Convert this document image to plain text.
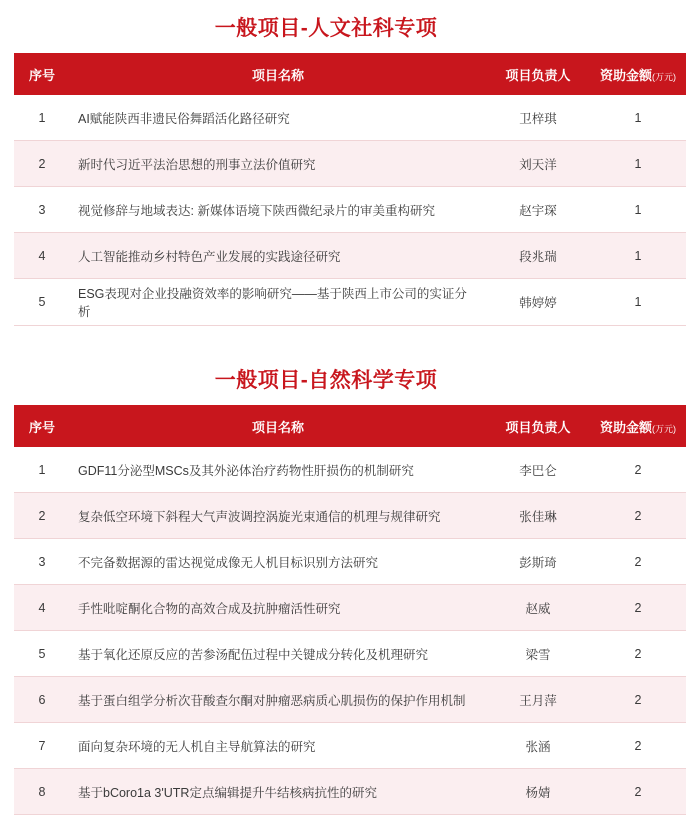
一般项目-人文社科专项
序号	项目名称	项目负责人	资助金额(万元)
1	AI赋能陕西非遗民俗舞蹈活化路径研究	卫梓琪	1
2	新时代习近平法治思想的刑事立法价值研究	刘天洋	1
3	视觉修辞与地域表达: 新媒体语境下陕西微纪录片的审美重构研究	赵宇琛	1
4	人工智能推动乡村特色产业发展的实践途径研究	段兆瑞	1
5	ESG表现对企业投融资效率的影响研究——基于陕西上市公司的实证分析	韩婷婷	1
一般项目-自然科学专项
序号	项目名称	项目负责人	资助金额(万元)
1	GDF11分泌型MSCs及其外泌体治疗药物性肝损伤的机制研究	李巴仑	2
2	复杂低空环境下斜程大气声波调控涡旋光束通信的机理与规律研究	张佳琳	2
3	不完备数据源的雷达视觉成像无人机目标识别方法研究	彭斯琦	2
4	手性吡啶酮化合物的高效合成及抗肿瘤活性研究	赵威	2
5	基于氧化还原反应的苦参汤配伍过程中关键成分转化及机理研究	梁雪	2
6	基于蛋白组学分析次苷酸查尔酮对肿瘤恶病质心肌损伤的保护作用机制	王月萍	2
7	面向复杂环境的无人机自主导航算法的研究	张涵	2
8	基于bCoro1a 3'UTR定点编辑提升牛结核病抗性的研究	杨婧	2
